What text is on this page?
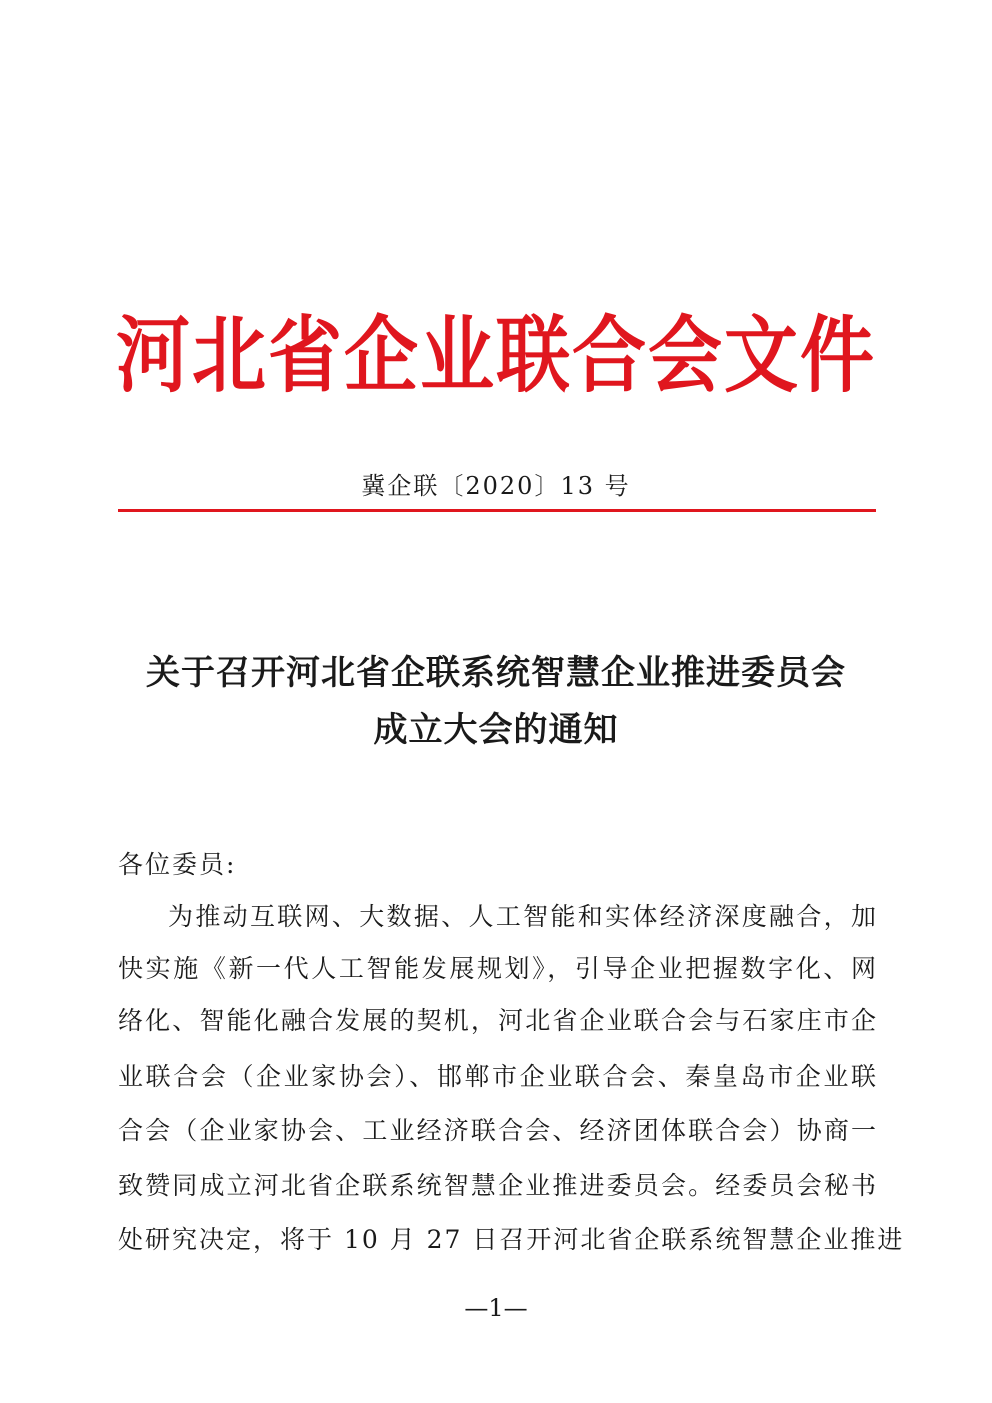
河北省企业联合会文件
冀企联〔2020〕13 号
关于召开河北省企联系统智慧企业推进委员会
成立大会的通知
各位委员:
为推动互联网、大数据、人工智能和实体经济深度融合，加
快实施《新一代人工智能发展规划》，引导企业把握数字化、网
络化、智能化融合发展的契机，河北省企业联合会与石家庄市企
业联合会（企业家协会）、邯郸市企业联合会、秦皇岛市企业联
合会（企业家协会、工业经济联合会、经济团体联合会）协商一
致赞同成立河北省企联系统智慧企业推进委员会。经委员会秘书
处研究决定，将于 10 月 27 日召开河北省企联系统智慧企业推进
—1—
